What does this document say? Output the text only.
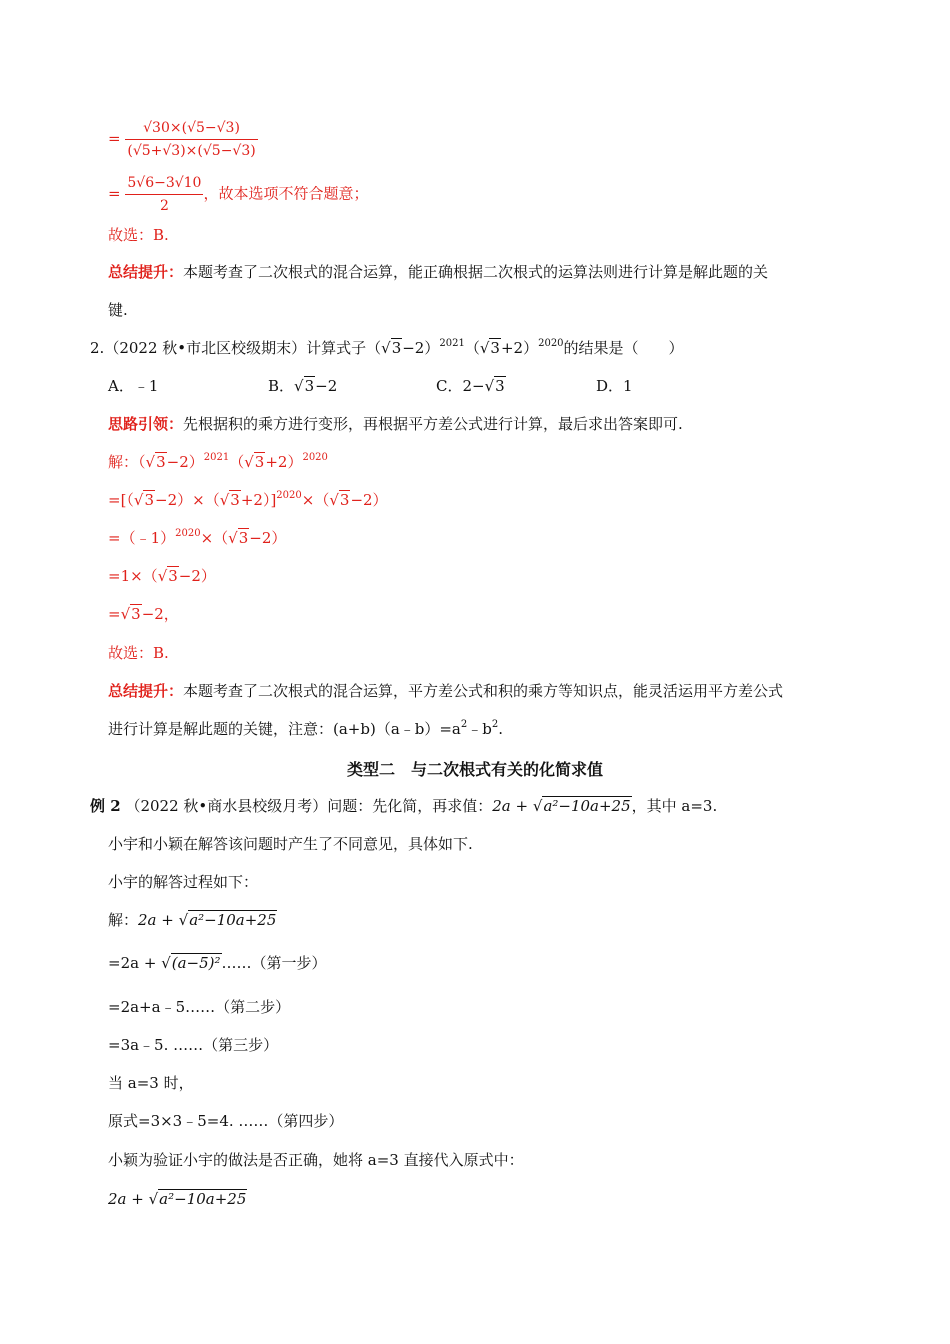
= $\frac{√30\times(√5-√3)}{(√5+√3)\times(√5-√3)}$
= $\frac{5√6-3√10}{2}$ ，故本选项不符合题意；
故选：B.
总结提升：本题考查了二次根式的混合运算，能正确根据二次根式的运算法则进行计算是解此题的关
键.
2.（2022 秋•市北区校级期末）计算式子$(√3-2)^{2021}(√3+2)^{2020}$的结果是（　　）
A．﹣1	B．√3−2	C．2−√3	D．1
思路引领：先根据积的乘方进行变形，再根据平方差公式进行计算，最后求出答案即可.
解：$(√3-2)^{2021}(√3+2)^{2020}$
$=[(√3-2)\times(√3+2)]^{2020}\times(√3-2)$
=（﹣1）$^{2020}$×（√3−2）
=1×（√3−2）
=√3−2，
故选：B.
总结提升：本题考查了二次根式的混合运算，平方差公式和积的乘方等知识点，能灵活运用平方差公式
进行计算是解此题的关键，注意：$(a+b)(a﹣b)=a^2﹣b^2$.
类型二　与二次根式有关的化简求值
例 2 （2022 秋•商水县校级月考）问题：先化简，再求值：2a + √a²−10a+25，其中 a=3.
小宇和小颖在解答该问题时产生了不同意见，具体如下.
小宇的解答过程如下：
解：2a + √a²−10a+25
=2a + √(a−5)²……（第一步）
=2a+a﹣5……（第二步）
=3a﹣5. ……（第三步）
当 a=3 时，
原式=3×3﹣5=4. ……（第四步）
小颖为验证小宇的做法是否正确，她将 a=3 直接代入原式中：
2a + √a²−10a+25
